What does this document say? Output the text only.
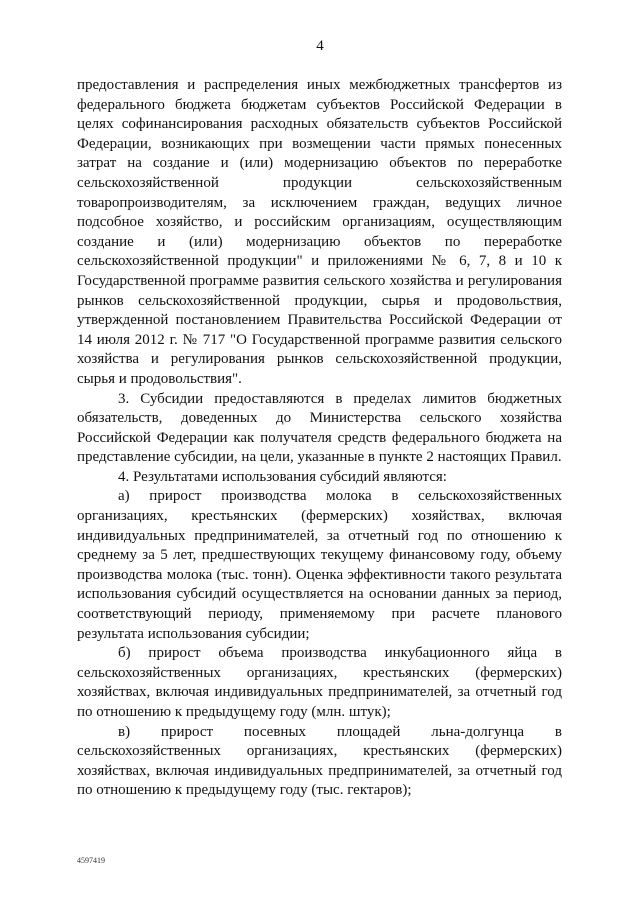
4

предоставления и распределения иных межбюджетных трансфертов из федерального бюджета бюджетам субъектов Российской Федерации в целях софинансирования расходных обязательств субъектов Российской Федерации, возникающих при возмещении части прямых понесенных затрат на создание и (или) модернизацию объектов по переработке сельскохозяйственной продукции сельскохозяйственным товаропроизводителям, за исключением граждан, ведущих личное подсобное хозяйство, и российским организациям, осуществляющим создание и (или) модернизацию объектов по переработке сельскохозяйственной продукции" и приложениями № 6, 7, 8 и 10 к Государственной программе развития сельского хозяйства и регулирования рынков сельскохозяйственной продукции, сырья и продовольствия, утвержденной постановлением Правительства Российской Федерации от 14 июля 2012 г. № 717 "О Государственной программе развития сельского хозяйства и регулирования рынков сельскохозяйственной продукции, сырья и продовольствия".

3. Субсидии предоставляются в пределах лимитов бюджетных обязательств, доведенных до Министерства сельского хозяйства Российской Федерации как получателя средств федерального бюджета на представление субсидии, на цели, указанные в пункте 2 настоящих Правил.

4. Результатами использования субсидий являются:

а) прирост производства молока в сельскохозяйственных организациях, крестьянских (фермерских) хозяйствах, включая индивидуальных предпринимателей, за отчетный год по отношению к среднему за 5 лет, предшествующих текущему финансовому году, объему производства молока (тыс. тонн). Оценка эффективности такого результата использования субсидий осуществляется на основании данных за период, соответствующий периоду, применяемому при расчете планового результата использования субсидии;

б) прирост объема производства инкубационного яйца в сельскохозяйственных организациях, крестьянских (фермерских) хозяйствах, включая индивидуальных предпринимателей, за отчетный год по отношению к предыдущему году (млн. штук);

в) прирост посевных площадей льна-долгунца в сельскохозяйственных организациях, крестьянских (фермерских) хозяйствах, включая индивидуальных предпринимателей, за отчетный год по отношению к предыдущему году (тыс. гектаров);

4597419
